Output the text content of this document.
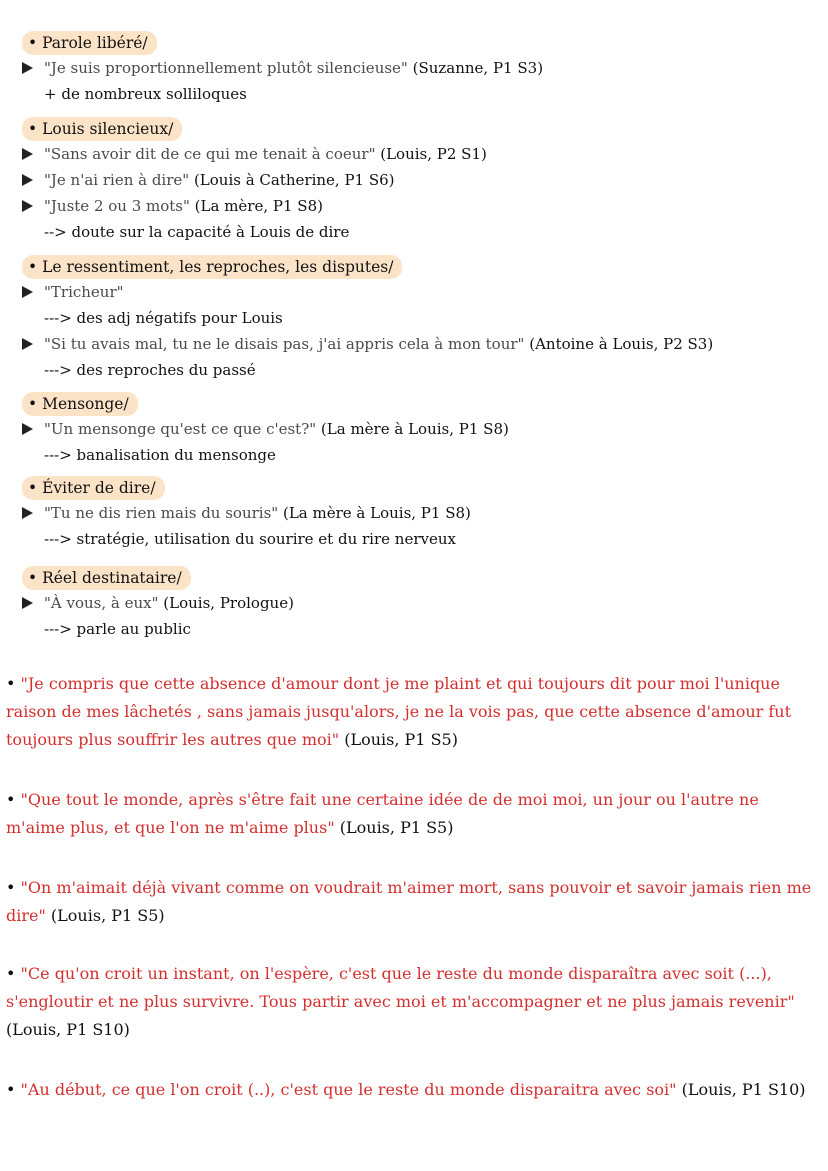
• Parole libéré/
"Je suis proportionnellement plutôt silencieuse" (Suzanne, P1 S3)
+ de nombreux solliloques
• Louis silencieux/
"Sans avoir dit de ce qui me tenait à coeur" (Louis, P2 S1)
"Je n'ai rien à dire" (Louis à Catherine, P1 S6)
"Juste 2 ou 3 mots" (La mère, P1 S8)
--> doute sur la capacité à Louis de dire
• Le ressentiment, les reproches, les disputes/
"Tricheur"
---> des adj négatifs pour Louis
"Si tu avais mal, tu ne le disais pas, j'ai appris cela à mon tour" (Antoine à Louis, P2 S3)
---> des reproches du passé
• Mensonge/
"Un mensonge qu'est ce que c'est?" (La mère à Louis, P1 S8)
---> banalisation du mensonge
• Éviter de dire/
"Tu ne dis rien mais du souris" (La mère à Louis, P1 S8)
---> stratégie, utilisation du sourire et du rire nerveux
• Réel destinataire/
"À vous, à eux" (Louis, Prologue)
---> parle au public

• "Je compris que cette absence d'amour dont je me plaint et qui toujours dit pour moi l'unique raison de mes lâchetés , sans jamais jusqu'alors, je ne la vois pas, que cette absence d'amour fut toujours plus souffrir les autres que moi" (Louis, P1 S5)

• "Que tout le monde, après s'être fait une certaine idée de de moi moi, un jour ou l'autre ne m'aime plus, et que l'on ne m'aime plus" (Louis, P1 S5)

• "On m'aimait déjà vivant comme on voudrait m'aimer mort, sans pouvoir et savoir jamais rien me dire" (Louis, P1 S5)

• "Ce qu'on croit un instant, on l'espère, c'est que le reste du monde disparaîtra avec soit (...), s'engloutir et ne plus survivre. Tous partir avec moi et m'accompagner et ne plus jamais revenir" (Louis, P1 S10)

• "Au début, ce que l'on croit (..), c'est que le reste du monde disparaitra avec soi" (Louis, P1 S10)
